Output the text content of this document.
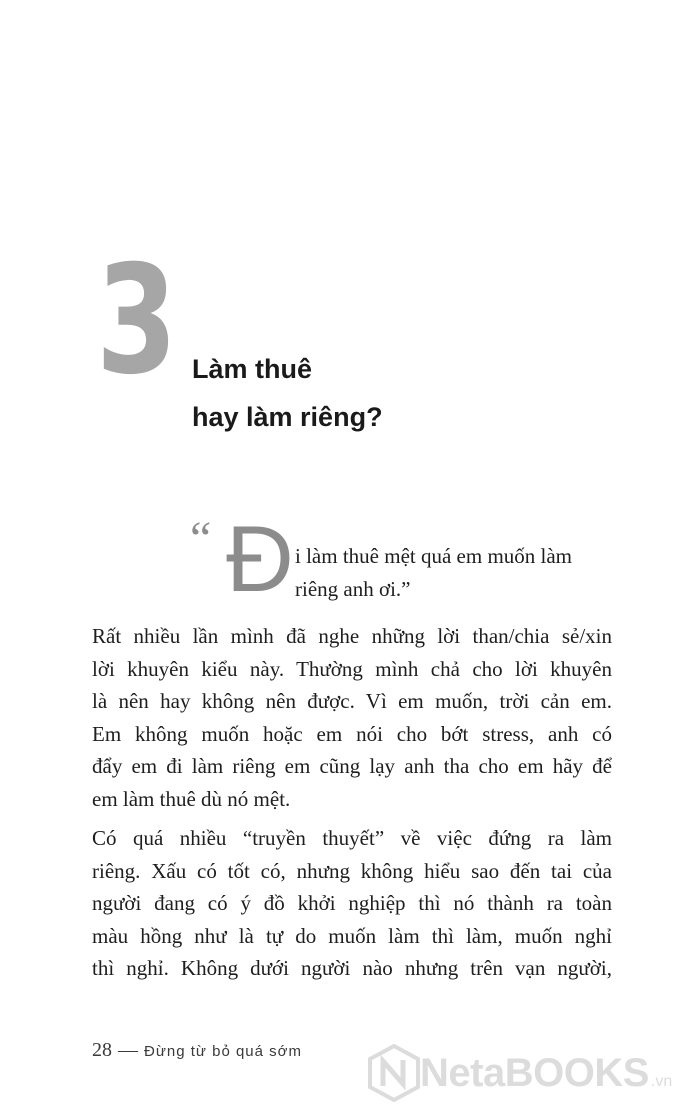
3 Làm thuê
hay làm riêng?
“ Đ i làm thuê mệt quá em muốn làm
riêng anh ơi.”
Rất nhiều lần mình đã nghe những lời than/chia sẻ/xin
lời khuyên kiểu này. Thường mình chả cho lời khuyên
là nên hay không nên được. Vì em muốn, trời cản em.
Em không muốn hoặc em nói cho bớt stress, anh có
đẩy em đi làm riêng em cũng lạy anh tha cho em hãy để
em làm thuê dù nó mệt.
Có quá nhiều “truyền thuyết” về việc đứng ra làm
riêng. Xấu có tốt có, nhưng không hiểu sao đến tai của
người đang có ý đồ khởi nghiệp thì nó thành ra toàn
màu hồng như là tự do muốn làm thì làm, muốn nghỉ
thì nghỉ. Không dưới người nào nhưng trên vạn người,
28 — Đừng từ bỏ quá sớm	NetaBOOKS .vn
